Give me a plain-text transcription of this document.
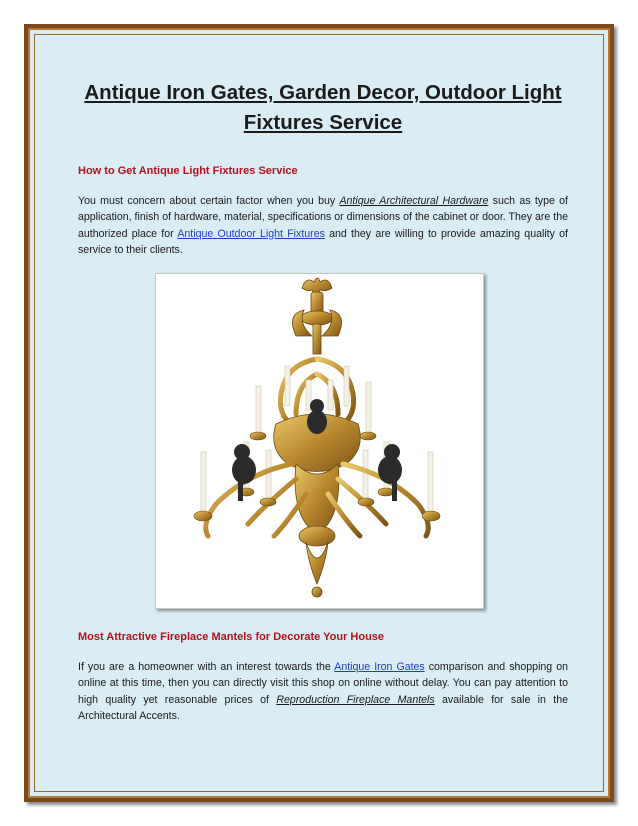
Antique Iron Gates, Garden Decor, Outdoor Light Fixtures Service
How to Get Antique Light Fixtures Service
You must concern about certain factor when you buy Antique Architectural Hardware such as type of application, finish of hardware, material, specifications or dimensions of the cabinet or door. They are the authorized place for Antique Outdoor Light Fixtures and they are willing to provide amazing quality of service to their clients.
Most Attractive Fireplace Mantels for Decorate Your House
If you are a homeowner with an interest towards the Antique Iron Gates comparison and shopping on online at this time, then you can directly visit this shop on online without delay. You can pay attention to high quality yet reasonable prices of Reproduction Fireplace Mantels available for sale in the Architectural Accents.
